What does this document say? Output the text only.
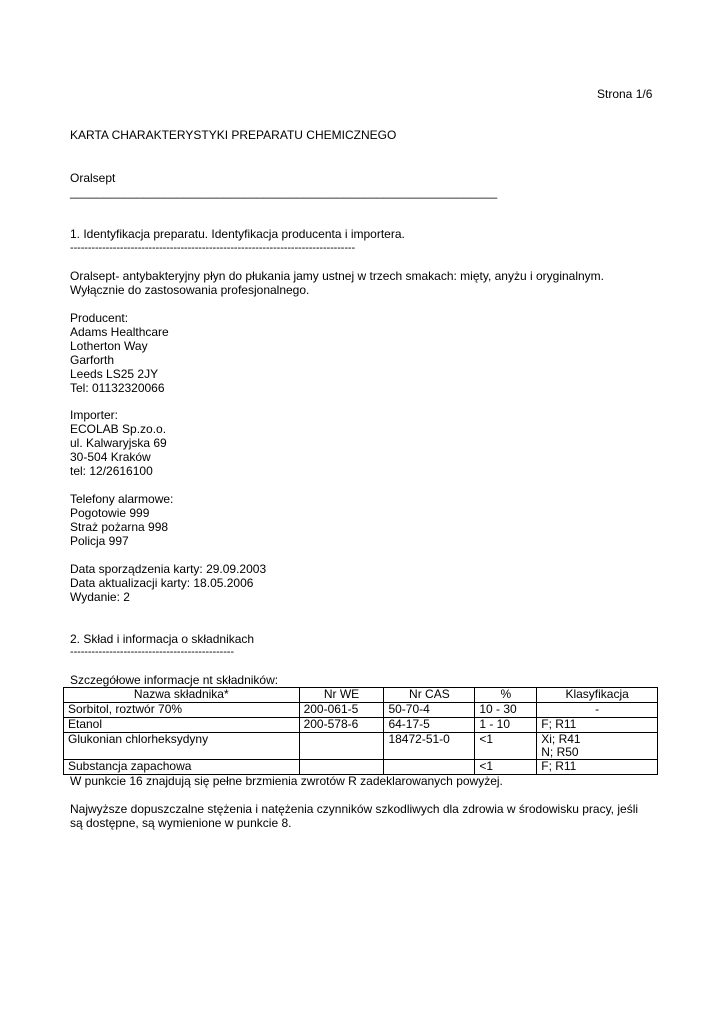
Strona 1/6
KARTA CHARAKTERYSTYKI PREPARATU CHEMICZNEGO
Oralsept
________________________________________________________________
1. Identyfikacja preparatu. Identyfikacja producenta i importera.
--------------------------------------------------------------------------------
Oralsept- antybakteryjny płyn do płukania jamy ustnej w trzech smakach: mięty, anyżu i oryginalnym.
Wyłącznie do zastosowania profesjonalnego.
Producent:
Adams Healthcare
Lotherton Way
Garforth
Leeds LS25 2JY
Tel: 01132320066
Importer:
ECOLAB Sp.zo.o.
ul. Kalwaryjska 69
30-504 Kraków
tel: 12/2616100
Telefony alarmowe:
Pogotowie 999
Straż pożarna 998
Policja 997
Data sporządzenia karty: 29.09.2003
Data aktualizacji karty: 18.05.2006
Wydanie: 2
2. Skład i informacja o składnikach
----------------------------------------------
Szczegółowe informacje nt składników:
Nazwa składnika*	Nr WE	Nr CAS	%	Klasyfikacja
Sorbitol, roztwór 70%	200-061-5	50-70-4	10 - 30	-
Etanol	200-578-6	64-17-5	1 - 10	F; R11
Glukonian chlorheksydyny		18472-51-0	<1	Xi; R41
N; R50
Substancja zapachowa			<1	F; R11
W punkcie 16 znajdują się pełne brzmienia zwrotów R zadeklarowanych powyżej.
Najwyższe dopuszczalne stężenia i natężenia czynników szkodliwych dla zdrowia w środowisku pracy, jeśli
są dostępne, są wymienione w punkcie 8.
